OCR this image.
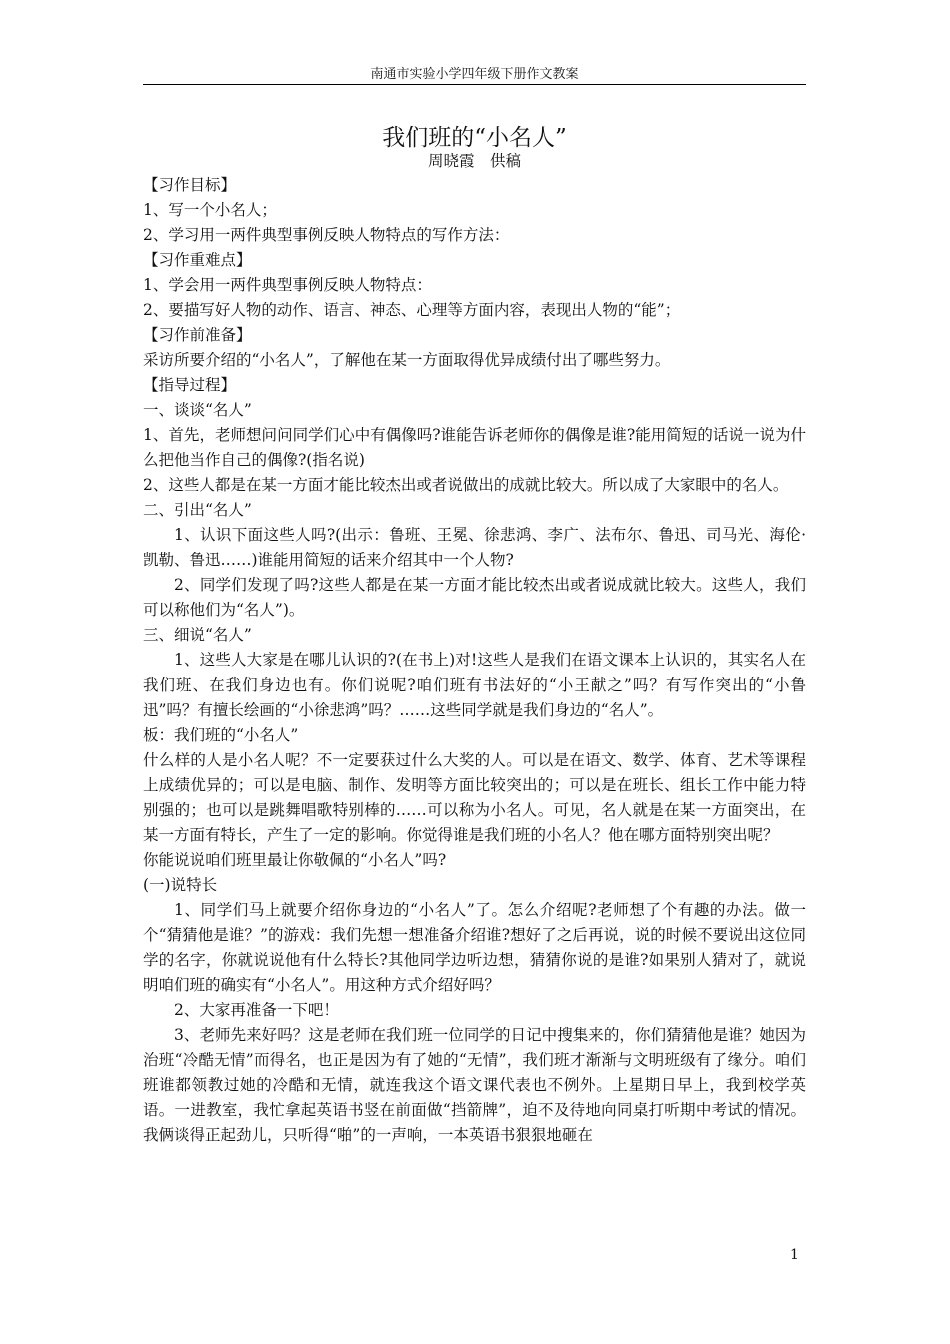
南通市实验小学四年级下册作文教案
我们班的“小名人”
周晓霞　供稿

【习作目标】

1、写一个小名人；

2、学习用一两件典型事例反映人物特点的写作方法：

【习作重难点】

1、学会用一两件典型事例反映人物特点：

2、要描写好人物的动作、语言、神态、心理等方面内容，表现出人物的“能”；

【习作前准备】

采访所要介绍的“小名人”，了解他在某一方面取得优异成绩付出了哪些努力。

【指导过程】

一、谈谈“名人”

1、首先，老师想问问同学们心中有偶像吗?谁能告诉老师你的偶像是谁?能用简短的话说一说为什么把他当作自己的偶像?(指名说)

2、这些人都是在某一方面才能比较杰出或者说做出的成就比较大。所以成了大家眼中的名人。

二、引出“名人”

1、认识下面这些人吗?(出示：鲁班、王冕、徐悲鸿、李广、法布尔、鲁迅、司马光、海伦·凯勒、鲁迅……)谁能用简短的话来介绍其中一个人物?

2、同学们发现了吗?这些人都是在某一方面才能比较杰出或者说成就比较大。这些人，我们可以称他们为“名人”)。

三、细说“名人”

1、这些人大家是在哪儿认识的?(在书上)对!这些人是我们在语文课本上认识的，其实名人在我们班、在我们身边也有。你们说呢?咱们班有书法好的“小王献之”吗？有写作突出的“小鲁迅”吗？有擅长绘画的“小徐悲鸿”吗？……这些同学就是我们身边的“名人”。

板：我们班的“小名人”

什么样的人是小名人呢？不一定要获过什么大奖的人。可以是在语文、数学、体育、艺术等课程上成绩优异的；可以是电脑、制作、发明等方面比较突出的；可以是在班长、组长工作中能力特别强的；也可以是跳舞唱歌特别棒的……可以称为小名人。可见，名人就是在某一方面突出，在某一方面有特长，产生了一定的影响。你觉得谁是我们班的小名人？他在哪方面特别突出呢？

你能说说咱们班里最让你敬佩的“小名人”吗?

(一)说特长

1、同学们马上就要介绍你身边的“小名人”了。怎么介绍呢?老师想了个有趣的办法。做一个“猜猜他是谁？”的游戏：我们先想一想准备介绍谁?想好了之后再说，说的时候不要说出这位同学的名字，你就说说他有什么特长?其他同学边听边想，猜猜你说的是谁?如果别人猜对了，就说明咱们班的确实有“小名人”。用这种方式介绍好吗？

2、大家再准备一下吧！

3、老师先来好吗？这是老师在我们班一位同学的日记中搜集来的，你们猜猜他是谁？她因为治班“冷酷无情”而得名，也正是因为有了她的“无情”，我们班才渐渐与文明班级有了缘分。咱们班谁都领教过她的冷酷和无情，就连我这个语文课代表也不例外。上星期日早上，我到校学英语。一进教室，我忙拿起英语书竖在前面做“挡箭牌”，迫不及待地向同桌打听期中考试的情况。我俩谈得正起劲儿，只听得“啪”的一声响，一本英语书狠狠地砸在

1
